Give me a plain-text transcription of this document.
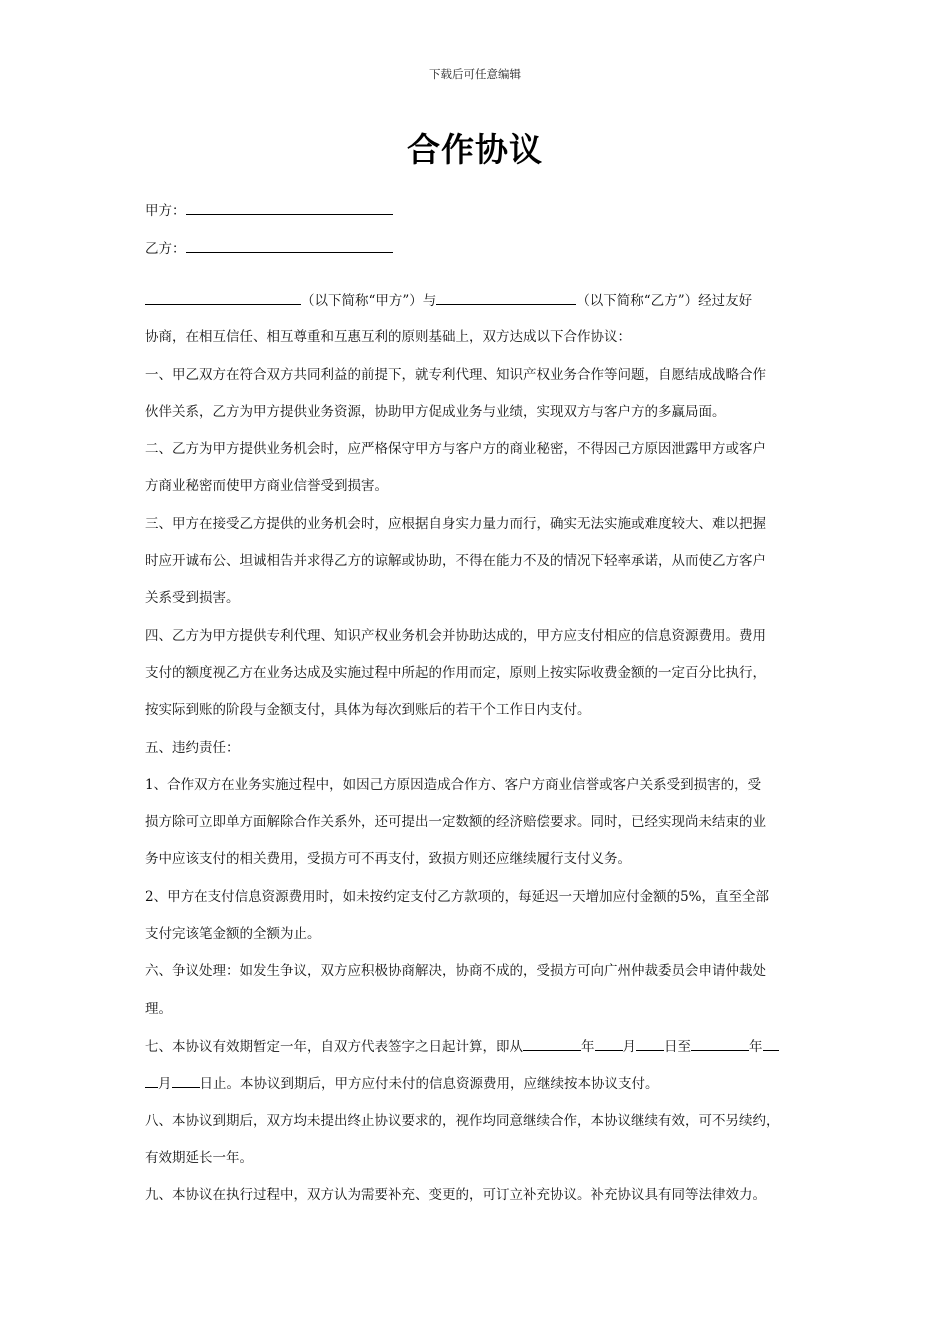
下载后可任意编辑
合作协议
甲方：
乙方：
（以下简称“甲方”）与	（以下简称“乙方”）经过友好
协商，在相互信任、相互尊重和互惠互利的原则基础上，双方达成以下合作协议：
一、甲乙双方在符合双方共同利益的前提下，就专利代理、知识产权业务合作等问题，自愿结成战略合作
伙伴关系，乙方为甲方提供业务资源，协助甲方促成业务与业绩，实现双方与客户方的多赢局面。
二、乙方为甲方提供业务机会时，应严格保守甲方与客户方的商业秘密，不得因己方原因泄露甲方或客户
方商业秘密而使甲方商业信誉受到损害。
三、甲方在接受乙方提供的业务机会时，应根据自身实力量力而行，确实无法实施或难度较大、难以把握
时应开诚布公、坦诚相告并求得乙方的谅解或协助，不得在能力不及的情况下轻率承诺，从而使乙方客户
关系受到损害。
四、乙方为甲方提供专利代理、知识产权业务机会并协助达成的，甲方应支付相应的信息资源费用。费用
支付的额度视乙方在业务达成及实施过程中所起的作用而定，原则上按实际收费金额的一定百分比执行，
按实际到账的阶段与金额支付，具体为每次到账后的若干个工作日内支付。
五、违约责任：
1、合作双方在业务实施过程中，如因己方原因造成合作方、客户方商业信誉或客户关系受到损害的，受
损方除可立即单方面解除合作关系外，还可提出一定数额的经济赔偿要求。同时，已经实现尚未结束的业
务中应该支付的相关费用，受损方可不再支付，致损方则还应继续履行支付义务。
2、甲方在支付信息资源费用时，如未按约定支付乙方款项的，每延迟一天增加应付金额的5%，直至全部
支付完该笔金额的全额为止。
六、争议处理：如发生争议，双方应积极协商解决，协商不成的，受损方可向广州仲裁委员会申请仲裁处
理。
七、本协议有效期暂定一年，自双方代表签字之日起计算，即从	年 月 日至	年
月 日止。本协议到期后，甲方应付未付的信息资源费用，应继续按本协议支付。
八、本协议到期后，双方均未提出终止协议要求的，视作均同意继续合作，本协议继续有效，可不另续约，
有效期延长一年。
九、本协议在执行过程中，双方认为需要补充、变更的，可订立补充协议。补充协议具有同等法律效力。
